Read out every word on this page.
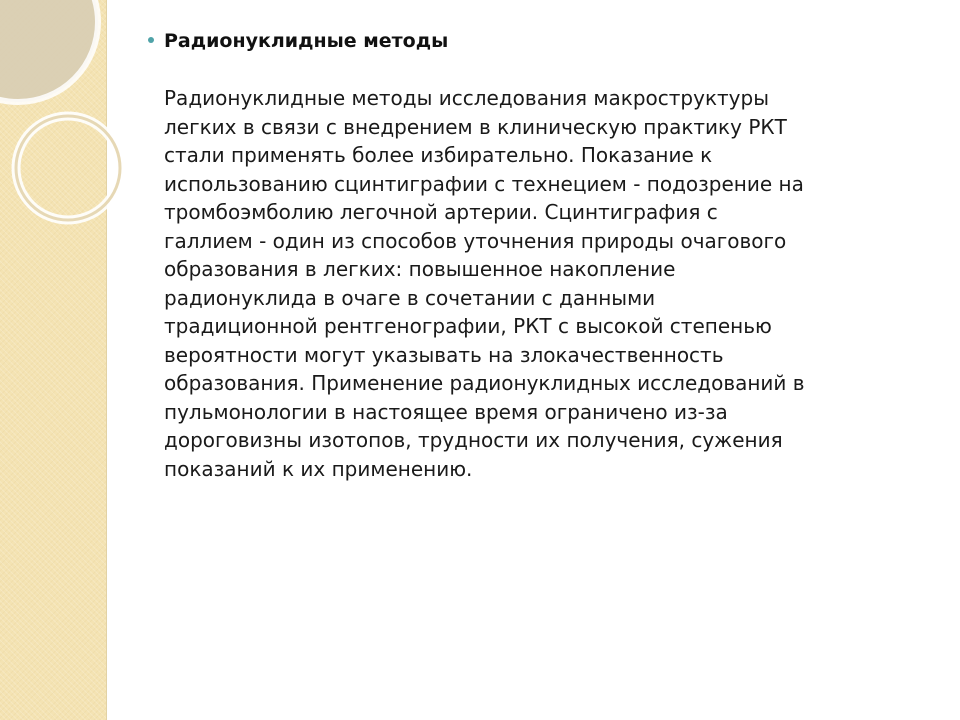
Радионуклидные методы
Радионуклидные методы исследования макроструктуры
легких в связи с внедрением в клиническую практику РКТ
стали применять более избирательно. Показание к
использованию сцинтиграфии с технецием - подозрение на
тромбоэмболию легочной артерии. Сцинтиграфия с
галлием - один из способов уточнения природы очагового
образования в легких: повышенное накопление
радионуклида в очаге в сочетании с данными
традиционной рентгенографии, РКТ с высокой степенью
вероятности могут указывать на злокачественность
образования. Применение радионуклидных исследований в
пульмонологии в настоящее время ограничено из-за
дороговизны изотопов, трудности их получения, сужения
показаний к их применению.
